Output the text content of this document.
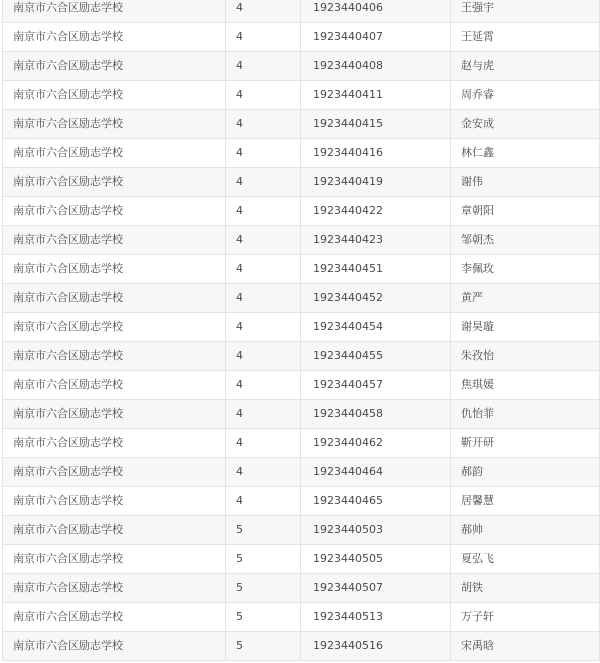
南京市六合区励志学校	4	1923440406	王强宇
南京市六合区励志学校	4	1923440407	王延霄
南京市六合区励志学校	4	1923440408	赵与虎
南京市六合区励志学校	4	1923440411	周乔睿
南京市六合区励志学校	4	1923440415	金安成
南京市六合区励志学校	4	1923440416	林仁鑫
南京市六合区励志学校	4	1923440419	谢伟
南京市六合区励志学校	4	1923440422	章朝阳
南京市六合区励志学校	4	1923440423	邹朝杰
南京市六合区励志学校	4	1923440451	李佩玫
南京市六合区励志学校	4	1923440452	黄严
南京市六合区励志学校	4	1923440454	谢昊璇
南京市六合区励志学校	4	1923440455	朱孜怡
南京市六合区励志学校	4	1923440457	焦琪媛
南京市六合区励志学校	4	1923440458	仇怡菲
南京市六合区励志学校	4	1923440462	靳开研
南京市六合区励志学校	4	1923440464	郝韵
南京市六合区励志学校	4	1923440465	居馨慧
南京市六合区励志学校	5	1923440503	郝帅
南京市六合区励志学校	5	1923440505	夏弘飞
南京市六合区励志学校	5	1923440507	胡铁
南京市六合区励志学校	5	1923440513	万子轩
南京市六合区励志学校	5	1923440516	宋禹晗
